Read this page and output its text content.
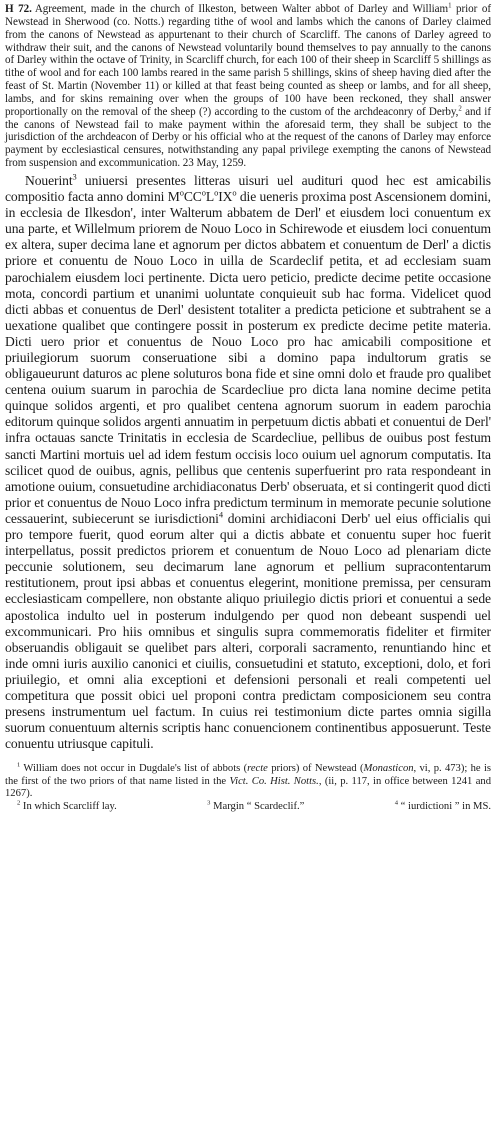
H 72. Agreement, made in the church of Ilkeston, between Walter abbot of Darley and William$^1$ prior of Newstead in Sherwood (co. Notts.) regarding tithe of wool and lambs which the canons of Darley claimed from the canons of Newstead as appurtenant to their church of Scarcliff. The canons of Darley agreed to withdraw their suit, and the canons of Newstead voluntarily bound themselves to pay annually to the canons of Darley within the octave of Trinity, in Scarcliff church, for each 100 of their sheep in Scarcliff 5 shillings as tithe of wool and for each 100 lambs reared in the same parish 5 shillings, skins of sheep having died after the feast of St. Martin (November 11) or killed at that feast being counted as sheep or lambs, and for all sheep, lambs, and for skins remaining over when the groups of 100 have been reckoned, they shall answer proportionally on the removal of the sheep (?) according to the custom of the archdeaconry of Derby,$^2$ and if the canons of Newstead fail to make payment within the aforesaid term, they shall be subject to the jurisdiction of the archdeacon of Derby or his official who at the request of the canons of Darley may enforce payment by ecclesiastical censures, notwithstanding any papal privilege exempting the canons of Newstead from suspension and excommunication. 23 May, 1259.

Nouerint$^3$ uniuersi presentes litteras uisuri uel audituri quod hec est amicabilis compositio facta anno domini $M^oCC^oL^oIX^o$ die ueneris proxima post Ascensionem domini, in ecclesia de Ilkesdon', inter Walterum abbatem de Derl' et eiusdem loci conuentum ex una parte, et Willelmum priorem de Nouo Loco in Schirewode et eiusdem loci conuentum ex altera, super decima lane et agnorum per dictos abbatem et conuentum de Derl' a dictis priore et conuentu de Nouo Loco in uilla de Scardeclif petita, et ad ecclesiam suam parochialem eiusdem loci pertinente. Dicta uero peticio, predicte decime petite occasione mota, concordi partium et unanimi uoluntate conquieuit sub hac forma. Videlicet quod dicti abbas et conuentus de Derl' desistent totaliter a predicta peticione et subtrahent se a uexatione qualibet que contingere possit in posterum ex predicte decime petite materia. Dicti uero prior et conuentus de Nouo Loco pro hac amicabili compositione et priuilegiorum suorum conseruatione sibi a domino papa indultorum gratis se obligaueurunt daturos ac plene soluturos bona fide et sine omni dolo et fraude pro qualibet centena ouium suarum in parochia de Scardecliue pro dicta lana nomine decime petita quinque solidos argenti, et pro qualibet centena agnorum suorum in eadem parochia editorum quinque solidos argenti annuatim in perpetuum dictis abbati et conuentui de Derl' infra octauas sancte Trinitatis in ecclesia de Scardecliue, pellibus de ouibus post festum sancti Martini mortuis uel ad idem festum occisis loco ouium uel agnorum computatis. Ita scilicet quod de ouibus, agnis, pellibus que centenis superfuerint pro rata respondeant in amotione ouium, consuetudine archidiaconatus Derb' obseruata, et si contingerit quod dicti prior et conuentus de Nouo Loco infra predictum terminum in memorate pecunie solutione cessauerint, subiecerunt se iurisdictioni$^4$ domini archidiaconi Derb' uel eius officialis qui pro tempore fuerit, quod eorum alter qui a dictis abbate et conuentu super hoc fuerit interpellatus, possit predictos priorem et conuentum de Nouo Loco ad plenariam dicte peccunie solutionem, seu decimarum lane agnorum et pellium supracontentarum restitutionem, prout ipsi abbas et conuentus elegerint, monitione premissa, per censuram ecclesiasticam compellere, non obstante aliquo priuilegio dictis priori et conuentui a sede apostolica indulto uel in posterum indulgendo per quod non debeant suspendi uel excommunicari. Pro hiis omnibus et singulis supra commemoratis fideliter et firmiter obseruandis obligauit se quelibet pars alteri, corporali sacramento, renuntiando hinc et inde omni iuris auxilio canonici et ciuilis, consuetudini et statuto, exceptioni, dolo, et fori priuilegio, et omni alia exceptioni et defensioni personali et reali competenti uel competitura que possit obici uel proponi contra predictam composicionem seu contra presens instrumentum uel factum. In cuius rei testimonium dicte partes omnia sigilla suorum conuentuum alternis scriptis hanc conuencionem continentibus apposuerunt. Teste conuentu utriusque capituli.

$^1$ William does not occur in Dugdale's list of abbots (recte priors) of Newstead (Monasticon, vi, p. 473); he is the first of the two priors of that name listed in the Vict. Co. Hist. Notts., (ii, p. 117, in office between 1241 and 1267).

$^2$ In which Scarcliff lay.	$^3$ Margin “ Scardeclif.”	$^4$ “ iurdictioni ” in MS.
